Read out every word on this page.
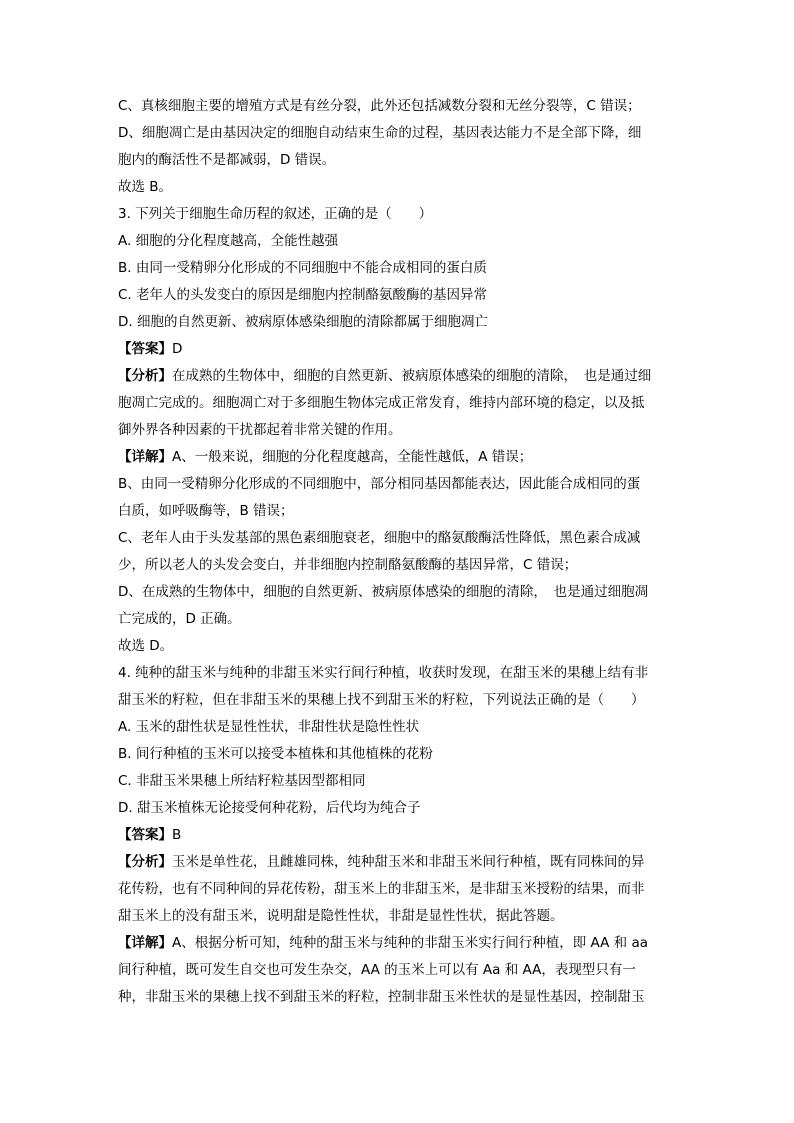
C、真核细胞主要的增殖方式是有丝分裂，此外还包括减数分裂和无丝分裂等，C 错误；
D、细胞凋亡是由基因决定的细胞自动结束生命的过程，基因表达能力不是全部下降，细
胞内的酶活性不是都减弱，D 错误。
故选 B。
3. 下列关于细胞生命历程的叙述，正确的是（　　）
A. 细胞的分化程度越高，全能性越强
B. 由同一受精卵分化形成的不同细胞中不能合成相同的蛋白质
C. 老年人的头发变白的原因是细胞内控制酪氨酸酶的基因异常
D. 细胞的自然更新、被病原体感染细胞的清除都属于细胞凋亡
【答案】D
【分析】在成熟的生物体中，细胞的自然更新、被病原体感染的细胞的清除，　也是通过细
胞凋亡完成的。细胞凋亡对于多细胞生物体完成正常发育，维持内部环境的稳定，以及抵
御外界各种因素的干扰都起着非常关键的作用。
【详解】A、一般来说，细胞的分化程度越高，全能性越低，A 错误；
B、由同一受精卵分化形成的不同细胞中，部分相同基因都能表达，因此能合成相同的蛋
白质，如呼吸酶等，B 错误；
C、老年人由于头发基部的黑色素细胞衰老，细胞中的酪氨酸酶活性降低，黑色素合成减
少，所以老人的头发会变白，并非细胞内控制酪氨酸酶的基因异常，C 错误；
D、在成熟的生物体中，细胞的自然更新、被病原体感染的细胞的清除，　也是通过细胞凋
亡完成的，D 正确。
故选 D。
4. 纯种的甜玉米与纯种的非甜玉米实行间行种植，收获时发现，在甜玉米的果穗上结有非
甜玉米的籽粒，但在非甜玉米的果穗上找不到甜玉米的籽粒，下列说法正确的是（　　）
A. 玉米的甜性状是显性性状，非甜性状是隐性性状
B. 间行种植的玉米可以接受本植株和其他植株的花粉
C. 非甜玉米果穗上所结籽粒基因型都相同
D. 甜玉米植株无论接受何种花粉，后代均为纯合子
【答案】B
【分析】玉米是单性花，且雌雄同株，纯种甜玉米和非甜玉米间行种植，既有同株间的异
花传粉，也有不同种间的异花传粉，甜玉米上的非甜玉米，是非甜玉米授粉的结果，而非
甜玉米上的没有甜玉米，说明甜是隐性性状，非甜是显性性状，据此答题。
【详解】A、根据分析可知，纯种的甜玉米与纯种的非甜玉米实行间行种植，即 AA 和 aa
间行种植，既可发生自交也可发生杂交，AA 的玉米上可以有 Aa 和 AA，表现型只有一
种，非甜玉米的果穗上找不到甜玉米的籽粒，控制非甜玉米性状的是显性基因，控制甜玉
